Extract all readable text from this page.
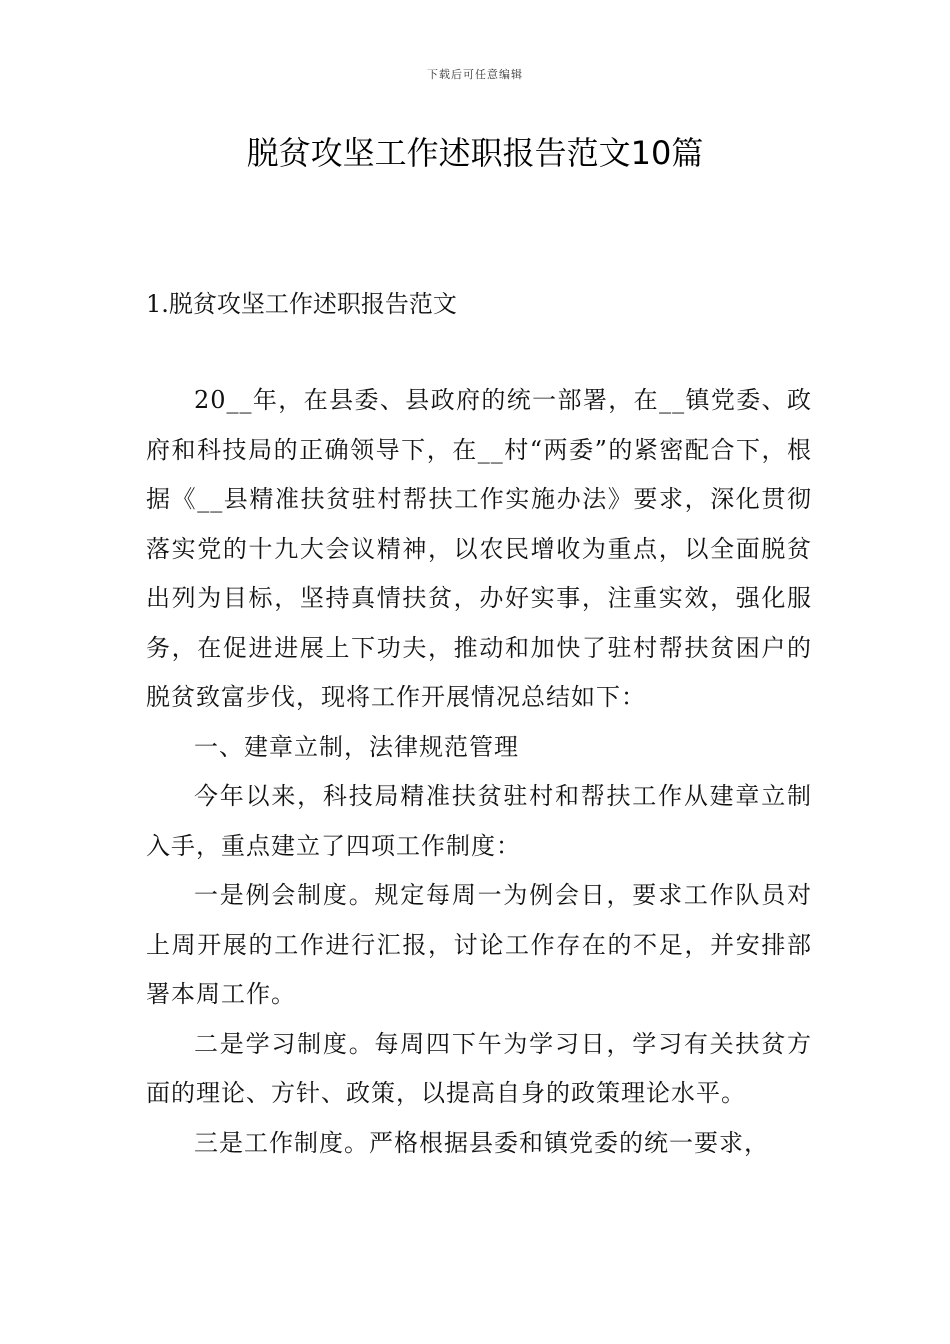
下载后可任意编辑
脱贫攻坚工作述职报告范文10篇
1.脱贫攻坚工作述职报告范文

20__年，在县委、县政府的统一部署，在__镇党委、政府和科技局的正确领导下，在__村“两委”的紧密配合下，根据《__县精准扶贫驻村帮扶工作实施办法》要求，深化贯彻落实党的十九大会议精神，以农民增收为重点，以全面脱贫出列为目标，坚持真情扶贫，办好实事，注重实效，强化服务，在促进进展上下功夫，推动和加快了驻村帮扶贫困户的脱贫致富步伐，现将工作开展情况总结如下：

一、建章立制，法律规范管理

今年以来，科技局精准扶贫驻村和帮扶工作从建章立制入手，重点建立了四项工作制度：

一是例会制度。规定每周一为例会日，要求工作队员对上周开展的工作进行汇报，讨论工作存在的不足，并安排部署本周工作。

二是学习制度。每周四下午为学习日，学习有关扶贫方面的理论、方针、政策，以提高自身的政策理论水平。

三是工作制度。严格根据县委和镇党委的统一要求，
